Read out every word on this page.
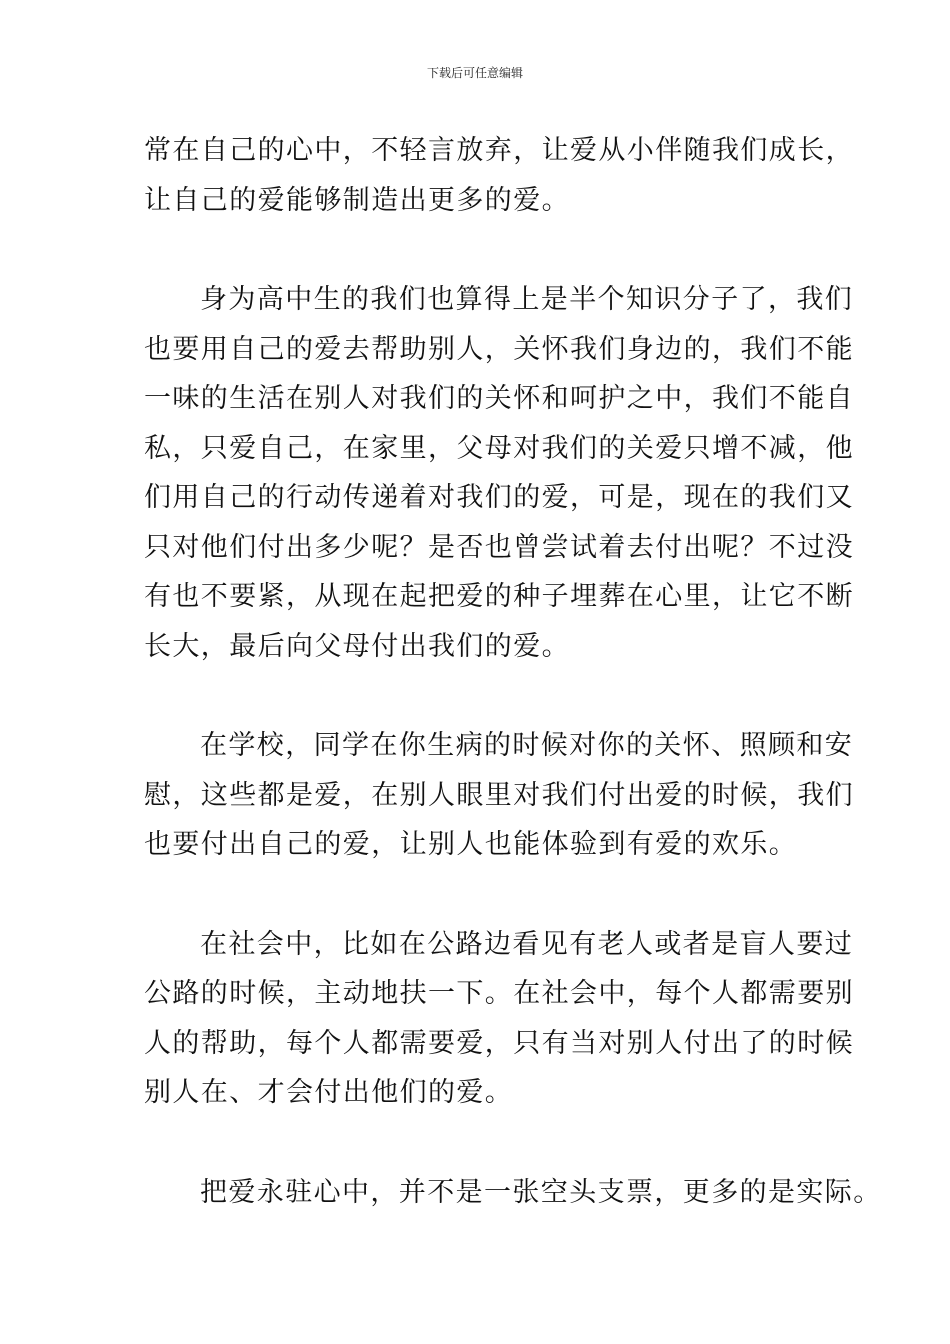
下载后可任意编辑
常在自己的心中，不轻言放弃，让爱从小伴随我们成长，
让自己的爱能够制造出更多的爱。
身为高中生的我们也算得上是半个知识分子了，我们
也要用自己的爱去帮助别人，关怀我们身边的，我们不能
一味的生活在别人对我们的关怀和呵护之中，我们不能自
私，只爱自己，在家里，父母对我们的关爱只增不减，他
们用自己的行动传递着对我们的爱，可是，现在的我们又
只对他们付出多少呢？是否也曾尝试着去付出呢？不过没
有也不要紧，从现在起把爱的种子埋葬在心里，让它不断
长大，最后向父母付出我们的爱。
在学校，同学在你生病的时候对你的关怀、照顾和安
慰，这些都是爱，在别人眼里对我们付出爱的时候，我们
也要付出自己的爱，让别人也能体验到有爱的欢乐。
在社会中，比如在公路边看见有老人或者是盲人要过
公路的时候，主动地扶一下。在社会中，每个人都需要别
人的帮助，每个人都需要爱，只有当对别人付出了的时候
别人在、才会付出他们的爱。
把爱永驻心中，并不是一张空头支票，更多的是实际。
